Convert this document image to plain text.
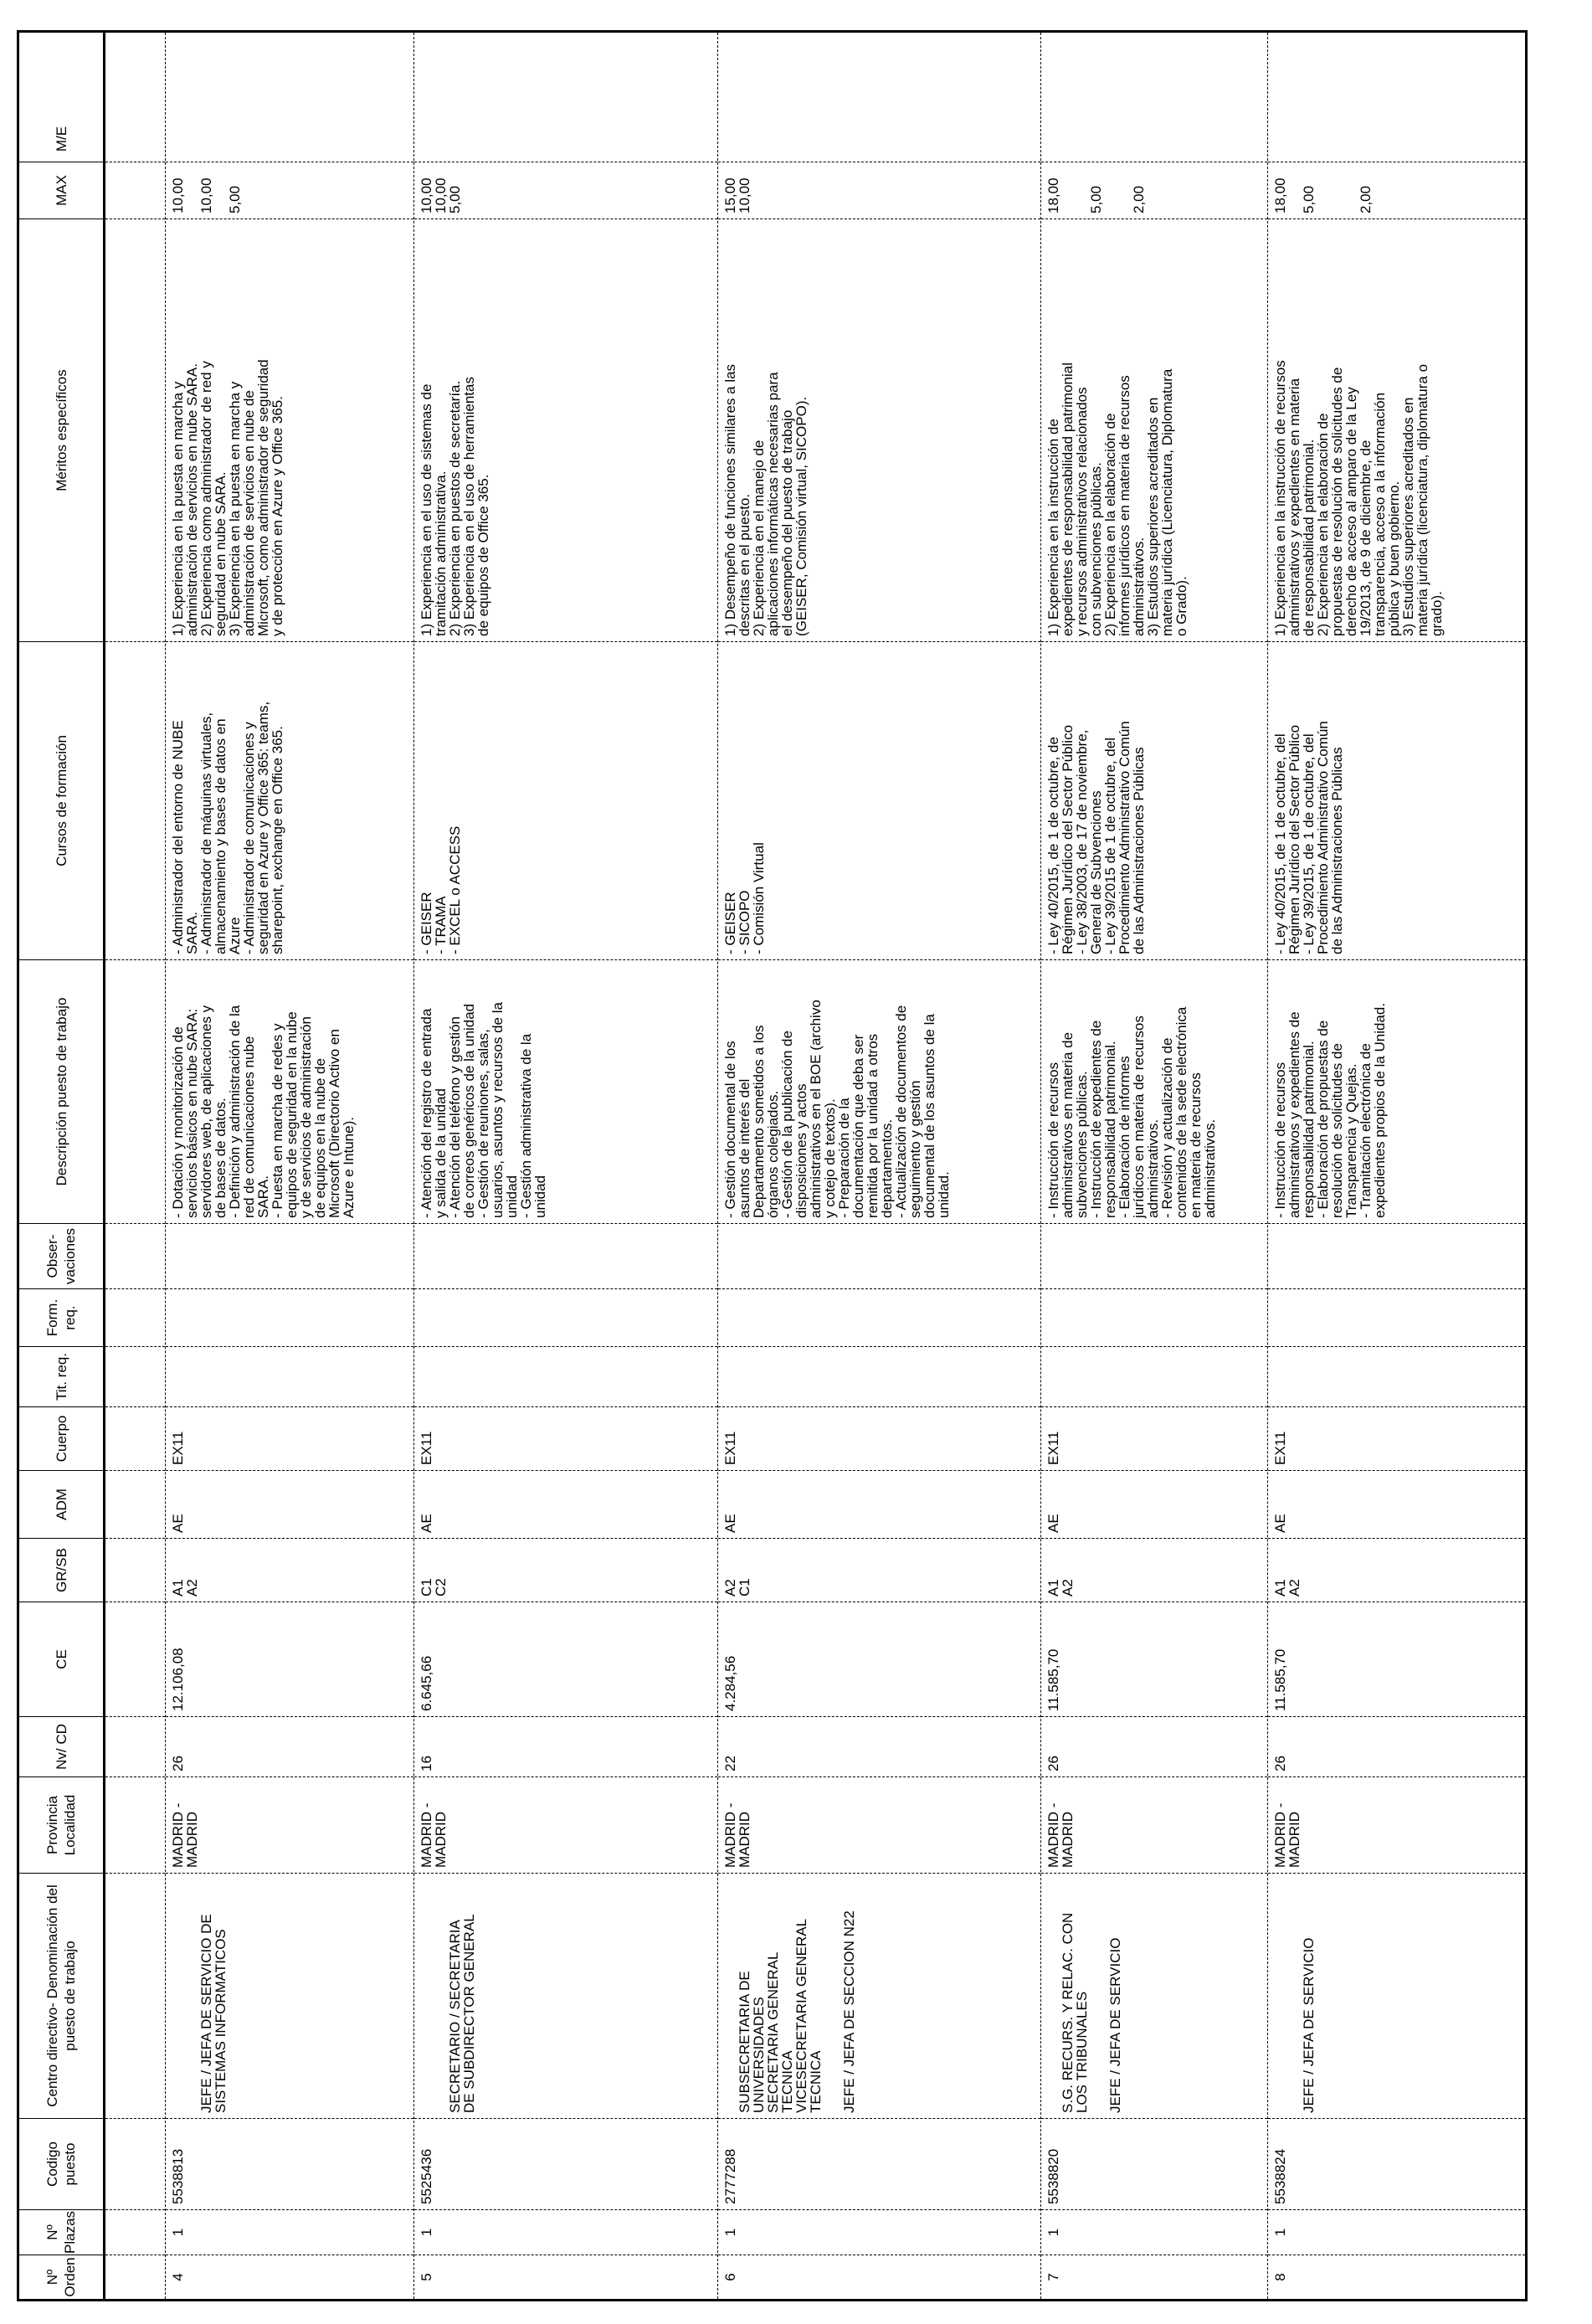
Nº Orden
Nº Plazas
Codigo puesto
Centro directivo- Denominación del puesto de trabajo
Provincia Localidad
Nv/ CD
CE
GR/SB
ADM
Cuerpo
Tit. req.
Form. req.
Obser- vaciones
Descripción puesto de trabajo
Cursos de formación
Méritos específicos
MAX
M/E
4
1
5538813

JEFE / JEFA DE SERVICIO DE
SISTEMAS INFORMATICOS

MADRID -
MADRID
26
12.106,08
A1
A2
AE
EX11
- Dotación y monitorización de
servicios básicos en nube SARA:
servidores web, de aplicaciones y
de bases de datos.
- Definición y administración de la
red de comunicaciones nube
SARA.
- Puesta en marcha de redes y
equipos de seguridad en la nube
y de servicios de administración
de equipos en la nube de
Microsoft (Directorio Activo en
Azure e Intune).
- Administrador del entorno de NUBE
SARA.
- Administrador de máquinas virtuales,
almacenamiento y bases de datos en
Azure
- Administrador de comunicaciones y
seguridad en Azure y Office 365: teams,
sharepoint, exchange en Office 365.
1) Experiencia en la puesta en marcha y
administración de servicios en nube SARA.
2) Experiencia como administrador de red y
seguridad en nube SARA.
3) Experiencia en la puesta en marcha y
administración de servicios en nube de
Microsoft, como administrador de seguridad
y de protección en Azure y Office 365.
10,00

10,00

5,00
5
1
5525436

SECRETARIO / SECRETARIA
DE SUBDIRECTOR GENERAL

MADRID -
MADRID
16
6.645,66
C1
C2
AE
EX11
- Atención del registro de entrada
y salida de la unidad
- Atención del teléfono y gestión
de correos genéricos de la unidad
- Gestión de reuniones, salas,
usuarios, asuntos y recursos de la
unidad
- Gestión administrativa de la
unidad
- GEISER
- TRAMA
- EXCEL o ACCESS
1) Experiencia en el uso de sistemas de
tramitación administrativa.
2) Experiencia en puestos de secretaría.
3) Experiencia en el uso de herramientas
de equipos de Office 365.
10,00
10,00
5,00
6
1
2777288

SUBSECRETARIA DE
UNIVERSIDADES
SECRETARIA GENERAL
TECNICA
VICESECRETARIA GENERAL
TECNICA JEFE / JEFA DE SECCION N22

MADRID -
MADRID
22
4.284,56
A2
C1
AE
EX11
- Gestión documental de los
asuntos de interés del
Departamento sometidos a los
órganos colegiados.
- Gestión de la publicación de
disposiciones y actos
administrativos en el BOE (archivo
y cotejo de textos).
- Preparación de la
documentación que deba ser
remitida por la unidad a otros
departamentos.
- Actualización de documentos de
seguimiento y gestión
documental de los asuntos de la
unidad.
- GEISER
- SICOPO
- Comisión Virtual
1) Desempeño de funciones similares a las
descritas en el puesto.
2) Experiencia en el manejo de
aplicaciones informáticas necesarias para
el desempeño del puesto de trabajo
(GEISER, Comisión virtual, SICOPO).
15,00
10,00
7
1
5538820

S.G. RECURS. Y RELAC. CON
LOS TRIBUNALES JEFE / JEFA DE SERVICIO

MADRID -
MADRID
26
11.585,70
A1
A2
AE
EX11
- Instrucción de recursos
administrativos en materia de
subvenciones públicas.
- Instrucción de expedientes de
responsabilidad patrimonial.
- Elaboración de informes
jurídicos en materia de recursos
administrativos.
- Revisión y actualización de
contenidos de la sede electrónica
en materia de recursos
administrativos.
- Ley 40/2015, de 1 de octubre, de
Régimen Jurídico del Sector Público
- Ley 38/2003, de 17 de noviembre,
General de Subvenciones
- Ley 39/2015 de 1 de octubre, del
Procedimiento Administrativo Común
de las Administraciones Públicas
1) Experiencia en la instrucción de
expedientes de responsabilidad patrimonial
y recursos administrativos relacionados
con subvenciones públicas.
2) Experiencia en la elaboración de
informes jurídicos en materia de recursos
administrativos.
3) Estudios superiores acreditados en
materia jurídica (Licenciatura, Diplomatura
o Grado).
18,00

5,00

2,00
8
1
5538824

JEFE / JEFA DE SERVICIO

MADRID -
MADRID
26
11.585,70
A1
A2
AE
EX11
- Instrucción de recursos
administrativos y expedientes de
responsabilidad patrimonial.
- Elaboración de propuestas de
resolución de solicitudes de
Transparencia y Quejas.
- Tramitación electrónica de
expedientes propios de la Unidad.
- Ley 40/2015, de 1 de octubre, del
Régimen Jurídico del Sector Público
- Ley 39/2015, de 1 de octubre, del
Procedimiento Administrativo Común
de las Administraciones Públicas
1) Experiencia en la instrucción de recursos
administrativos y expedientes en materia
de responsabilidad patrimonial.
2) Experiencia en la elaboración de
propuestas de resolución de solicitudes de
derecho de acceso al amparo de la Ley
19/2013, de 9 de diciembre, de
transparencia, acceso a la información
pública y buen gobierno.
3) Estudios superiores acreditados en
materia jurídica (licenciatura, diplomatura o
grado).
18,00

5,00

2,00
